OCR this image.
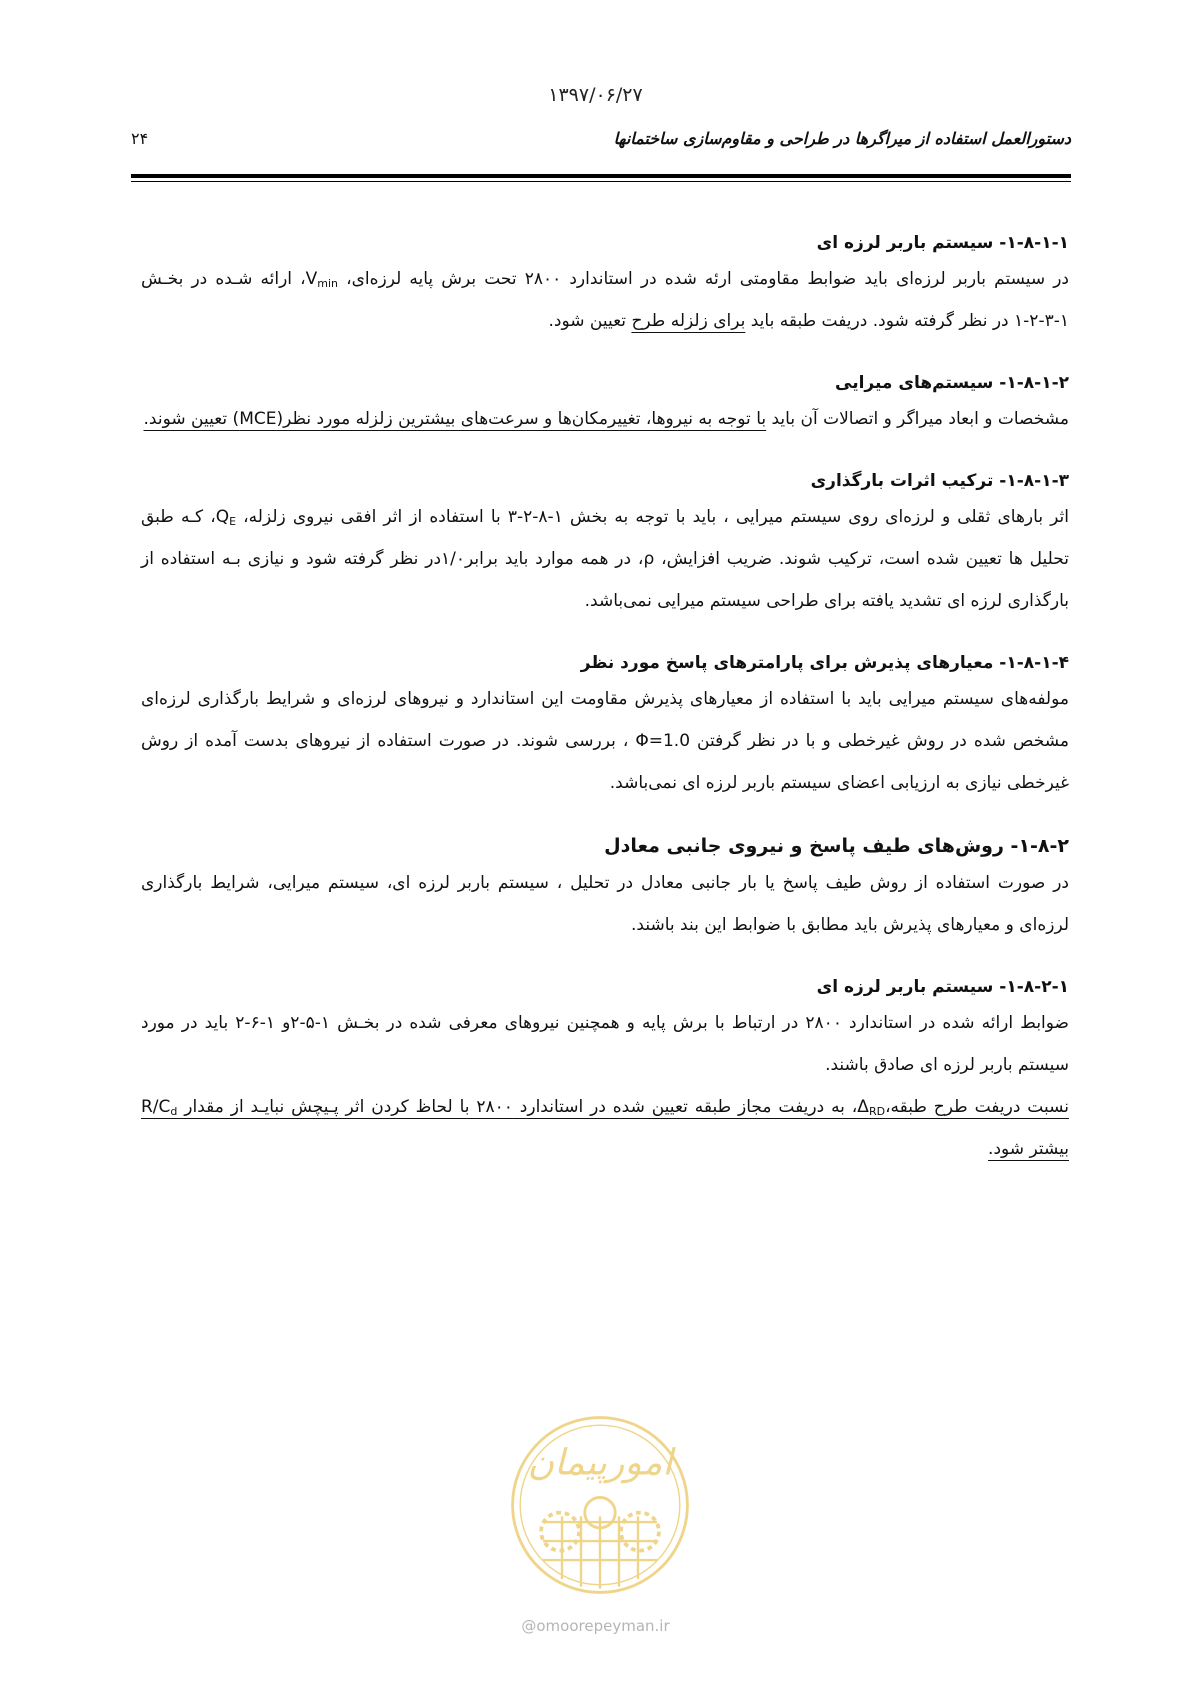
۱۳۹۷/۰۶/۲۷
۲۴	دستورالعمل استفاده از میراگرها در طراحی و مقاوم‌سازی ساختمانها
۱-۸-۱-۱- سیستم باربر لرزه ای
در سیستم باربر لرزه‌ای باید ضوابط مقاومتی ارئه شده در استاندارد ۲۸۰۰ تحت برش پایه لرزه‌ای، $V_{min}،$ ارائه شـده در بخـش ۱-۳-۲-۱ در نظر گرفته شود. دریفت طبقه باید برای زلزله طرح تعیین شود.
۱-۸-۱-۲- سیستم‌های میرایی
مشخصات و ابعاد میراگر و اتصالات آن باید با توجه به نیروها، تغییرمکان‌ها و سرعت‌های بیشترین زلزله مورد نظر(MCE) تعیین شوند.
۱-۸-۱-۳- ترکیب اثرات بارگذاری
اثر بارهای ثقلی و لرزه‌ای روی سیستم میرایی ، باید با توجه به بخش ۱-۸-۲-۳ با استفاده از اثر افقی نیروی زلزله، $Q_E،$ کـه طبق تحلیل ها تعیین شده است، ترکیب شوند. ضریب افزایش، ρ، در همه موارد باید برابر۱/۰در نظر گرفته شود و نیازی بـه استفاده از بارگذاری لرزه ای تشدید یافته برای طراحی سیستم میرایی نمی‌باشد.
۱-۸-۱-۴- معیارهای پذیرش برای پارامترهای پاسخ مورد نظر
مولفه‌های سیستم میرایی باید با استفاده از معیارهای پذیرش مقاومت این استاندارد و نیروهای لرزه‌ای و شرایط بارگذاری لرزه‌ای مشخص شده در روش غیرخطی و با در نظر گرفتن Φ=1.0 ، بررسی شوند. در صورت استفاده از نیروهای بدست آمده از روش غیرخطی نیازی به ارزیابی اعضای سیستم باربر لرزه ای نمی‌باشد.
۱-۸-۲- روش‌های طیف پاسخ و نیروی جانبی معادل
در صورت استفاده از روش طیف پاسخ یا بار جانبی معادل در تحلیل ، سیستم باربر لرزه ای، سیستم میرایی، شرایط بارگذاری لرزه‌ای و معیارهای پذیرش باید مطابق با ضوابط این بند باشند.
۱-۸-۲-۱- سیستم باربر لرزه ای
ضوابط ارائه شده در استاندارد ۲۸۰۰ در ارتباط با برش پایه و همچنین نیروهای معرفی شده در بخـش ۱-۵-۲و ۱-۶-۲ باید در مورد سیستم باربر لرزه ای صادق باشند.
نسبت دریفت طرح $طبقه،\Delta_{RD}،$ به دریفت مجاز طبقه تعیین شده در استاندارد ۲۸۰۰ با لحاظ کردن اثر پـیچش نبایـد از مقدار $R/C_d$ بیشتر شود.
امورپیمان
@omoorepeyman.ir
